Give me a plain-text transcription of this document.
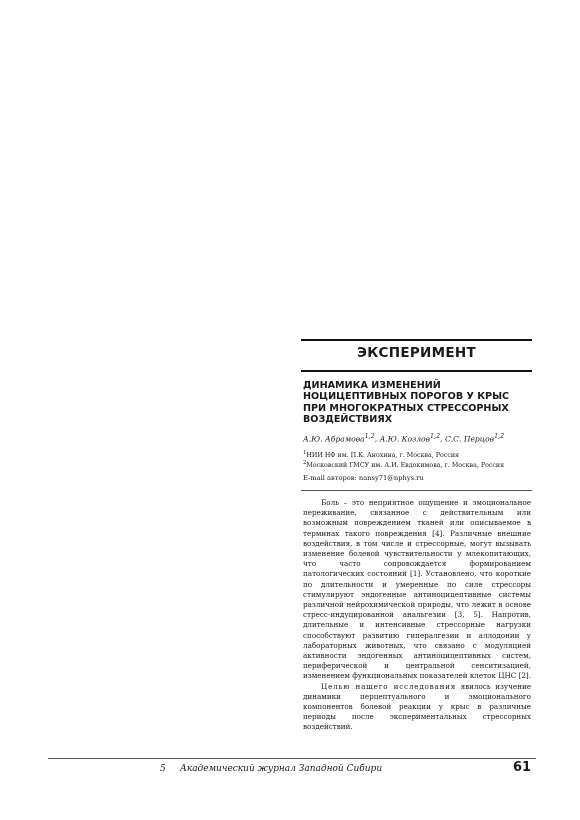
ЭКСПЕРИМЕНТ
ДИНАМИКА ИЗМЕНЕНИЙ НОЦИЦЕПТИВНЫХ ПОРОГОВ У КРЫС ПРИ МНОГОКРАТНЫХ СТРЕССОРНЫХ ВОЗДЕЙСТВИЯХ
А.Ю. Абрамова$^{1,2}$, А.Ю. Козлов$^{1,2}$, С.С. Перцов$^{1,2}$
$^1$НИИ НФ им. П.К. Анохина, г. Москва, Россия
$^2$Московский ГМСУ им. А.И. Евдокимова, г. Москва, Россия
E-mail авторов: nansy71@nphys.ru

Боль – это неприятное ощущение и эмоциональное переживание, связанное с действительным или возможным повреждением тканей или описываемое в терминах такого повреждения [4]. Различные внешние воздействия, в том числе и стрессорные, могут вызывать изменение болевой чувствительности у млекопитающих, что часто сопровождается формированием патологических состояний [1]. Установлено, что короткие по длительности и умеренные по силе стрессоры стимулируют эндогенные антиноцицептивные системы различной нейрохимической природы, что лежит в основе стресс-индуцированной анальгезии [3, 5]. Напротив, длительные и интенсивные стрессорные нагрузки способствуют развитию гипералгезии и аллодонии у лабораторных животных, что связано с модуляцией активности эндогенных антиноцицептивных систем, периферической и центральной сенситизацией, изменением функциональных показателей клеток ЦНС [2].

Целью нашего исследования явилось изучение динамики перцептуального и эмоционального компонентов болевой реакции у крыс в различные периоды после экспериментальных стрессорных воздействий.

5 Академический журнал Западной Сибири	61
